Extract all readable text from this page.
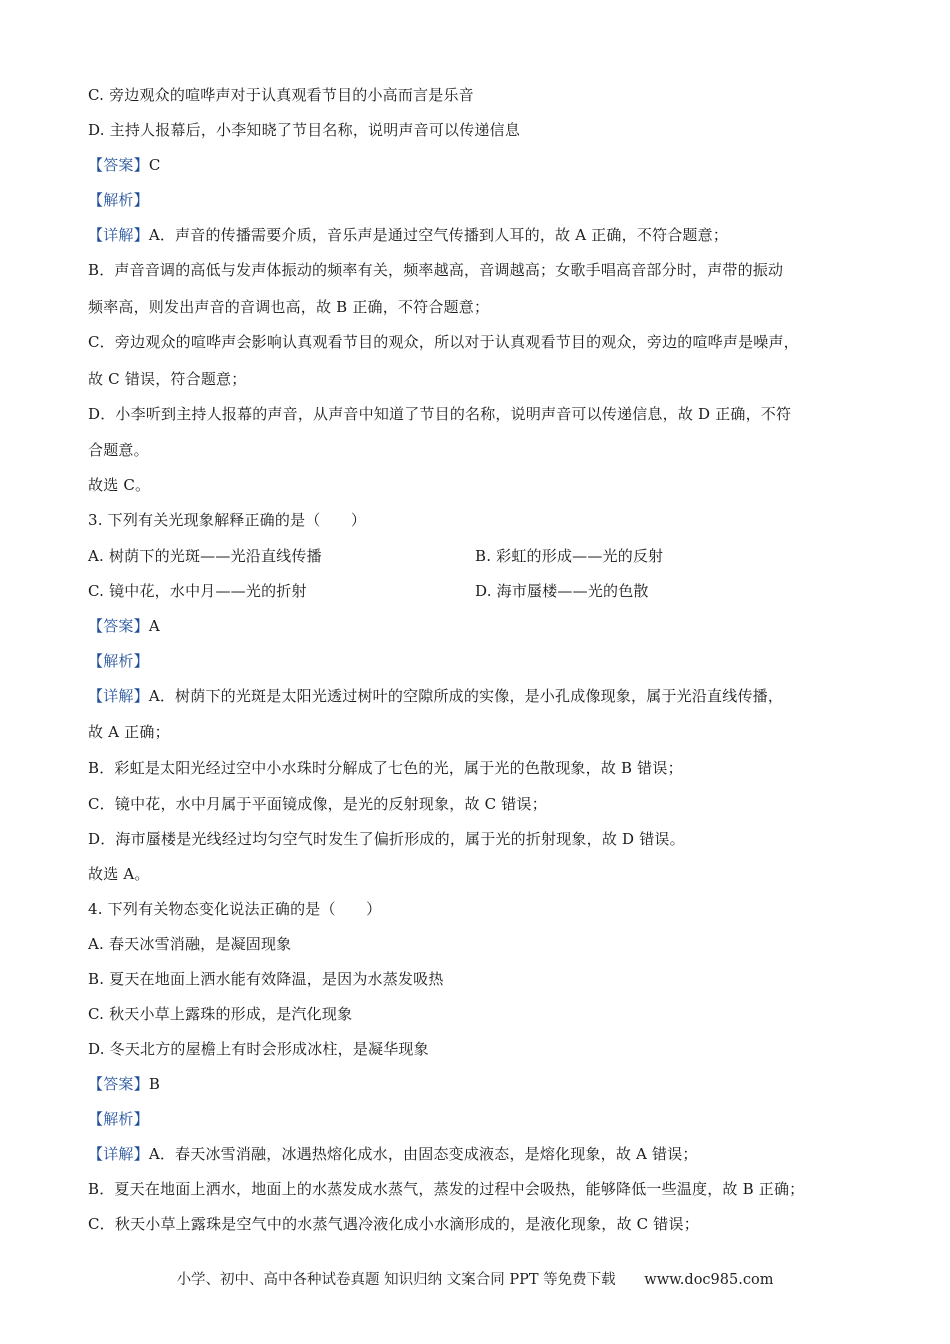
C. 旁边观众的喧哗声对于认真观看节目的小高而言是乐音
D. 主持人报幕后，小李知晓了节目名称，说明声音可以传递信息
【答案】C
【解析】
【详解】A．声音的传播需要介质，音乐声是通过空气传播到人耳的，故 A 正确，不符合题意；
B．声音音调的高低与发声体振动的频率有关，频率越高，音调越高；女歌手唱高音部分时，声带的振动
频率高，则发出声音的音调也高，故 B 正确，不符合题意；
C．旁边观众的喧哗声会影响认真观看节目的观众，所以对于认真观看节目的观众，旁边的喧哗声是噪声，
故 C 错误，符合题意；
D．小李听到主持人报幕的声音，从声音中知道了节目的名称，说明声音可以传递信息，故 D 正确，不符
合题意。
故选 C。
3. 下列有关光现象解释正确的是（　　）
A. 树荫下的光斑——光沿直线传播	B. 彩虹的形成——光的反射
C. 镜中花，水中月——光的折射	D. 海市蜃楼——光的色散
【答案】A
【解析】
【详解】A．树荫下的光斑是太阳光透过树叶的空隙所成的实像，是小孔成像现象，属于光沿直线传播，
故 A 正确；
B．彩虹是太阳光经过空中小水珠时分解成了七色的光，属于光的色散现象，故 B 错误；
C．镜中花，水中月属于平面镜成像，是光的反射现象，故 C 错误；
D．海市蜃楼是光线经过均匀空气时发生了偏折形成的，属于光的折射现象，故 D 错误。
故选 A。
4. 下列有关物态变化说法正确的是（　　）
A. 春天冰雪消融，是凝固现象
B. 夏天在地面上洒水能有效降温，是因为水蒸发吸热
C. 秋天小草上露珠的形成，是汽化现象
D. 冬天北方的屋檐上有时会形成冰柱，是凝华现象
【答案】B
【解析】
【详解】A．春天冰雪消融，冰遇热熔化成水，由固态变成液态，是熔化现象，故 A 错误；
B．夏天在地面上洒水，地面上的水蒸发成水蒸气，蒸发的过程中会吸热，能够降低一些温度，故 B 正确；
C．秋天小草上露珠是空气中的水蒸气遇冷液化成小水滴形成的，是液化现象，故 C 错误；
小学、初中、高中各种试卷真题 知识归纳 文案合同 PPT 等免费下载 www.doc985.com
